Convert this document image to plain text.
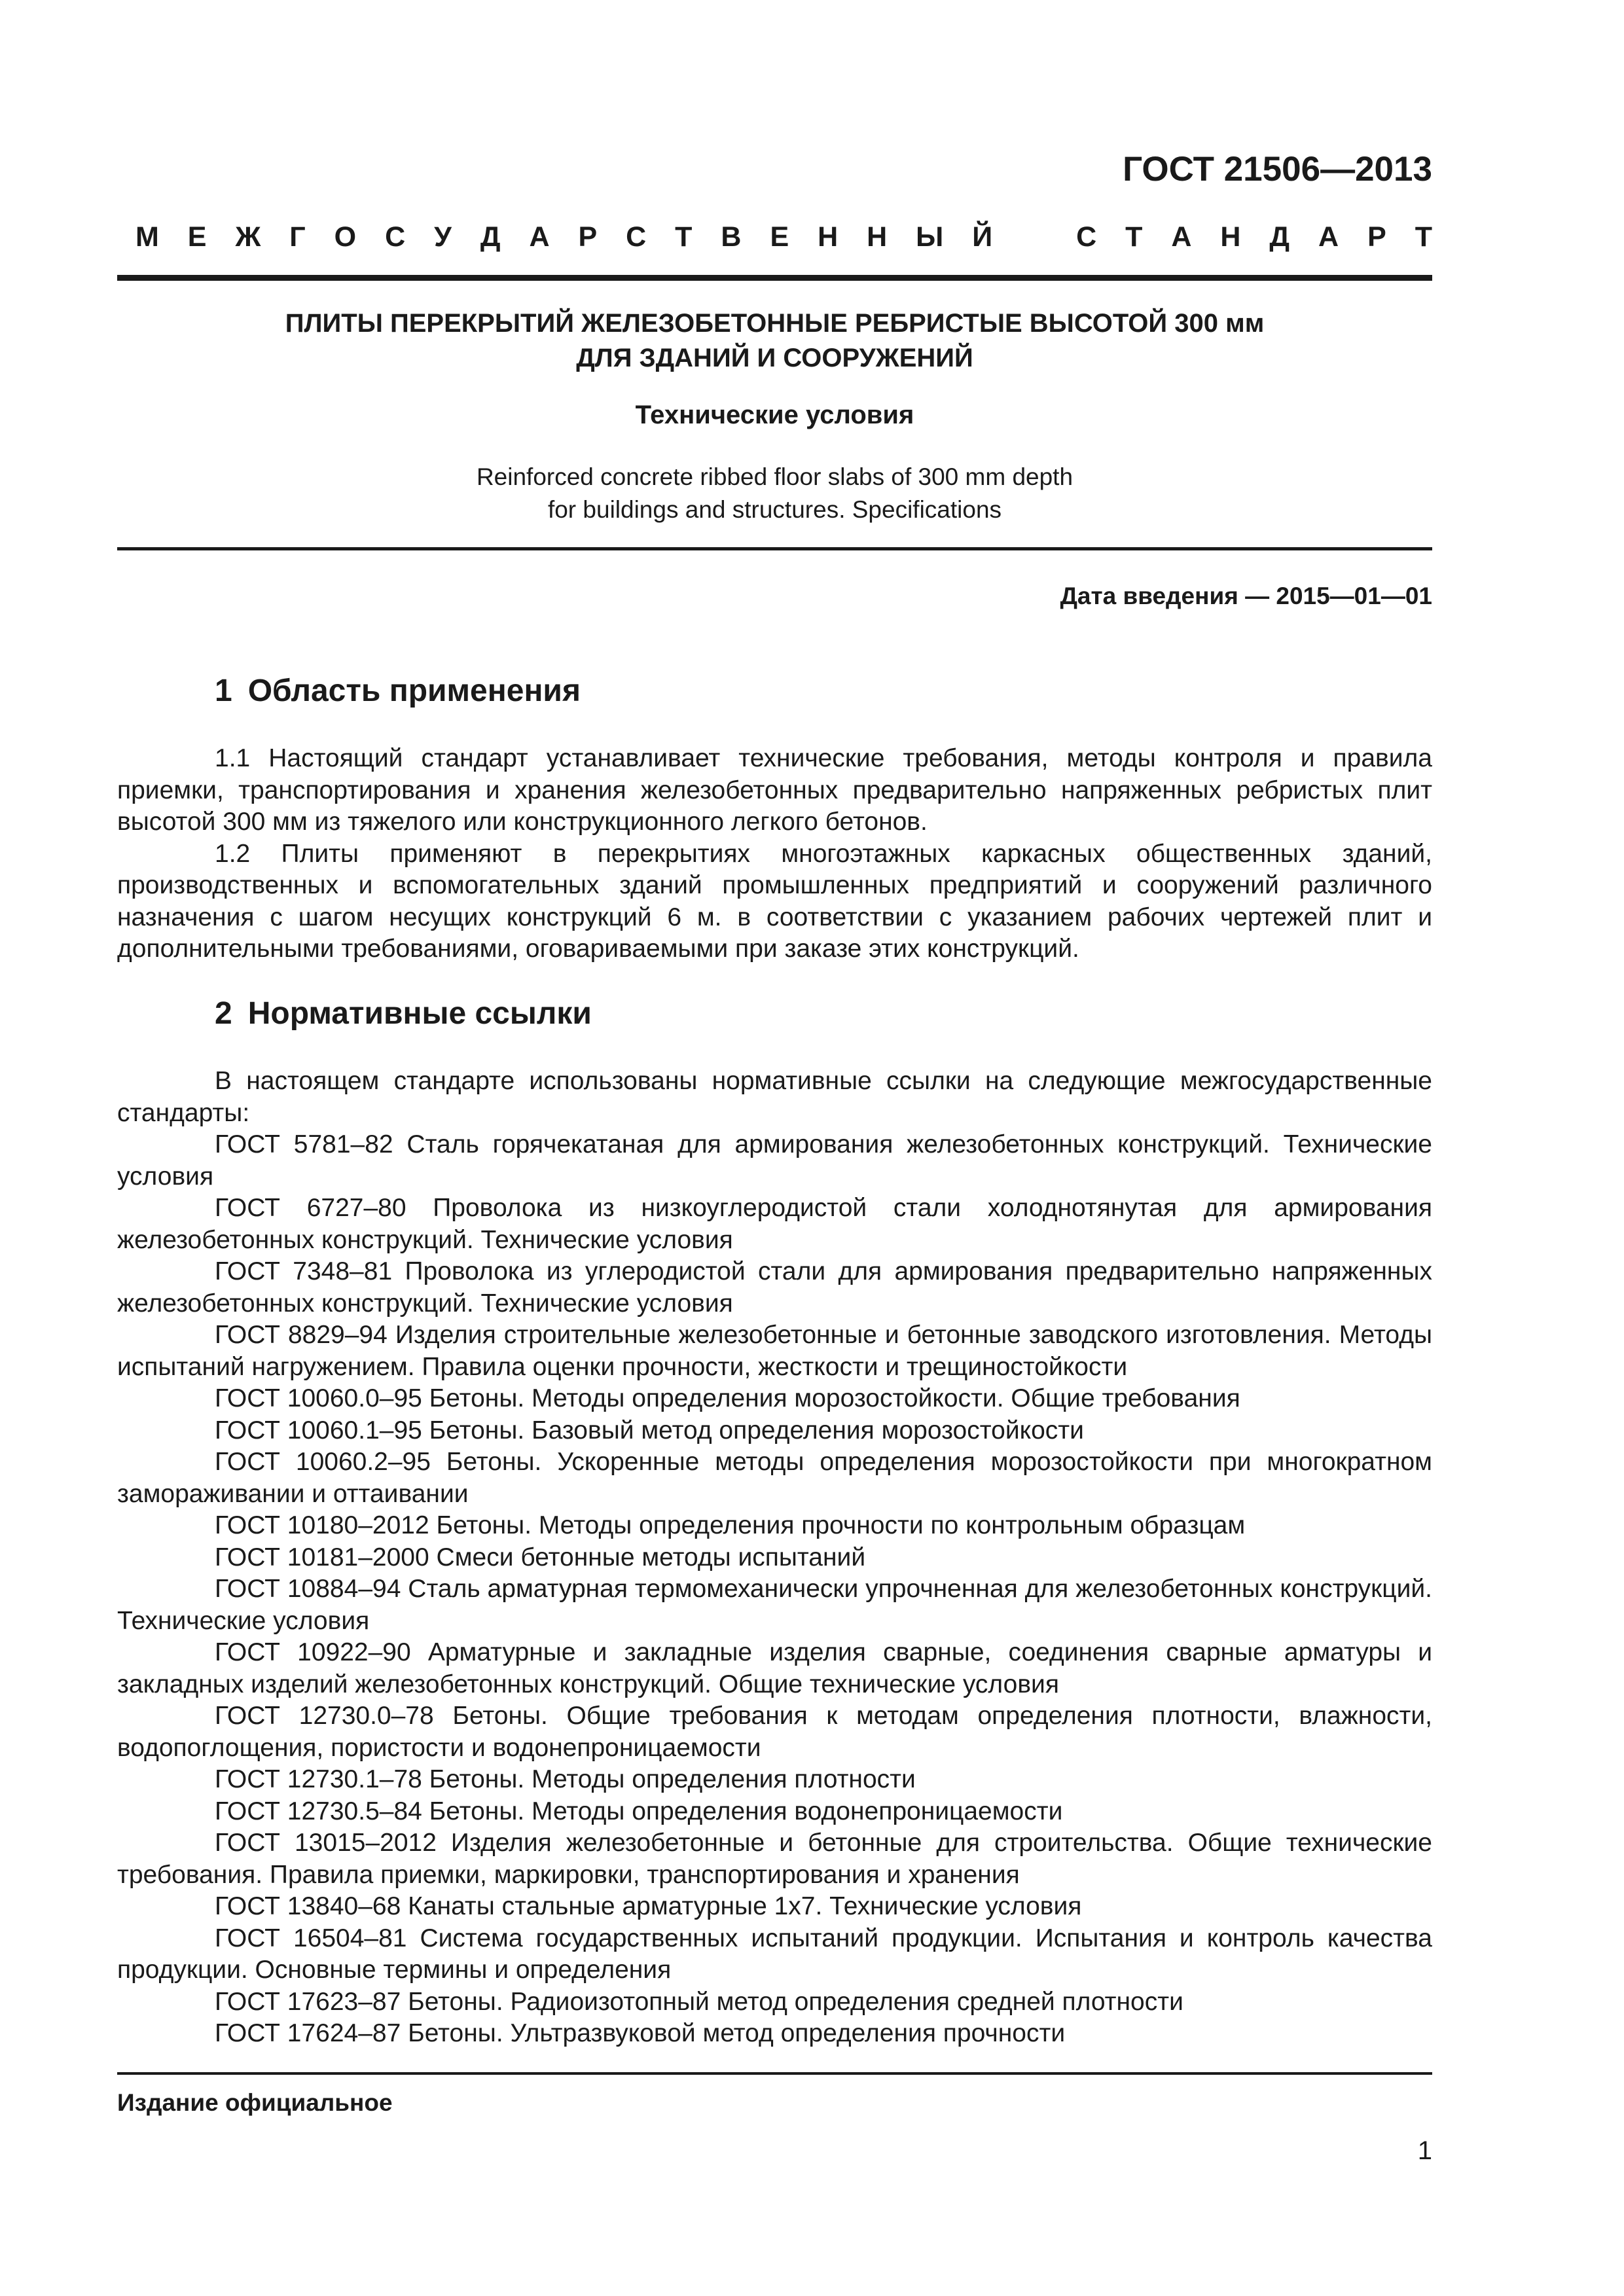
ГОСТ 21506—2013
М Е Ж Г О С У Д А Р С Т В Е Н Н Ы Й	С Т А Н Д А Р Т
ПЛИТЫ ПЕРЕКРЫТИЙ ЖЕЛЕЗОБЕТОННЫЕ РЕБРИСТЫЕ ВЫСОТОЙ 300 мм
ДЛЯ ЗДАНИЙ И СООРУЖЕНИЙ
Технические условия
Reinforced concrete ribbed floor slabs of 300 mm depth
for buildings and structures. Specifications
Дата введения — 2015—01—01
1 Область применения

1.1 Настоящий стандарт устанавливает технические требования, методы контроля и правила приемки, транспортирования и хранения железобетонных предварительно напряженных ребристых плит высотой 300 мм из тяжелого или конструкционного легкого бетонов.

1.2 Плиты применяют в перекрытиях многоэтажных каркасных общественных зданий, производственных и вспомогательных зданий промышленных предприятий и сооружений различного назначения с шагом несущих конструкций 6 м. в соответствии с указанием рабочих чертежей плит и дополнительными требованиями, оговариваемыми при заказе этих конструкций.

2 Нормативные ссылки

В настоящем стандарте использованы нормативные ссылки на следующие межгосударственные стандарты:

ГОСТ 5781–82 Сталь горячекатаная для армирования железобетонных конструкций. Технические условия

ГОСТ 6727–80 Проволока из низкоуглеродистой стали холоднотянутая для армирования железобетонных конструкций. Технические условия

ГОСТ 7348–81 Проволока из углеродистой стали для армирования предварительно напряженных железобетонных конструкций. Технические условия

ГОСТ 8829–94 Изделия строительные железобетонные и бетонные заводского изготовления. Методы испытаний нагружением. Правила оценки прочности, жесткости и трещиностойкости

ГОСТ 10060.0–95 Бетоны. Методы определения морозостойкости. Общие требования

ГОСТ 10060.1–95 Бетоны. Базовый метод определения морозостойкости

ГОСТ 10060.2–95 Бетоны. Ускоренные методы определения морозостойкости при многократном замораживании и оттаивании

ГОСТ 10180–2012 Бетоны. Методы определения прочности по контрольным образцам

ГОСТ 10181–2000 Смеси бетонные методы испытаний

ГОСТ 10884–94 Сталь арматурная термомеханически упрочненная для железобетонных конструкций. Технические условия

ГОСТ 10922–90 Арматурные и закладные изделия сварные, соединения сварные арматуры и закладных изделий железобетонных конструкций. Общие технические условия

ГОСТ 12730.0–78 Бетоны. Общие требования к методам определения плотности, влажности, водопоглощения, пористости и водонепроницаемости

ГОСТ 12730.1–78 Бетоны. Методы определения плотности

ГОСТ 12730.5–84 Бетоны. Методы определения водонепроницаемости

ГОСТ 13015–2012 Изделия железобетонные и бетонные для строительства. Общие технические требования. Правила приемки, маркировки, транспортирования и хранения

ГОСТ 13840–68 Канаты стальные арматурные 1х7. Технические условия

ГОСТ 16504–81 Система государственных испытаний продукции. Испытания и контроль качества продукции. Основные термины и определения

ГОСТ 17623–87 Бетоны. Радиоизотопный метод определения средней плотности

ГОСТ 17624–87 Бетоны. Ультразвуковой метод определения прочности

Издание официальное
1
